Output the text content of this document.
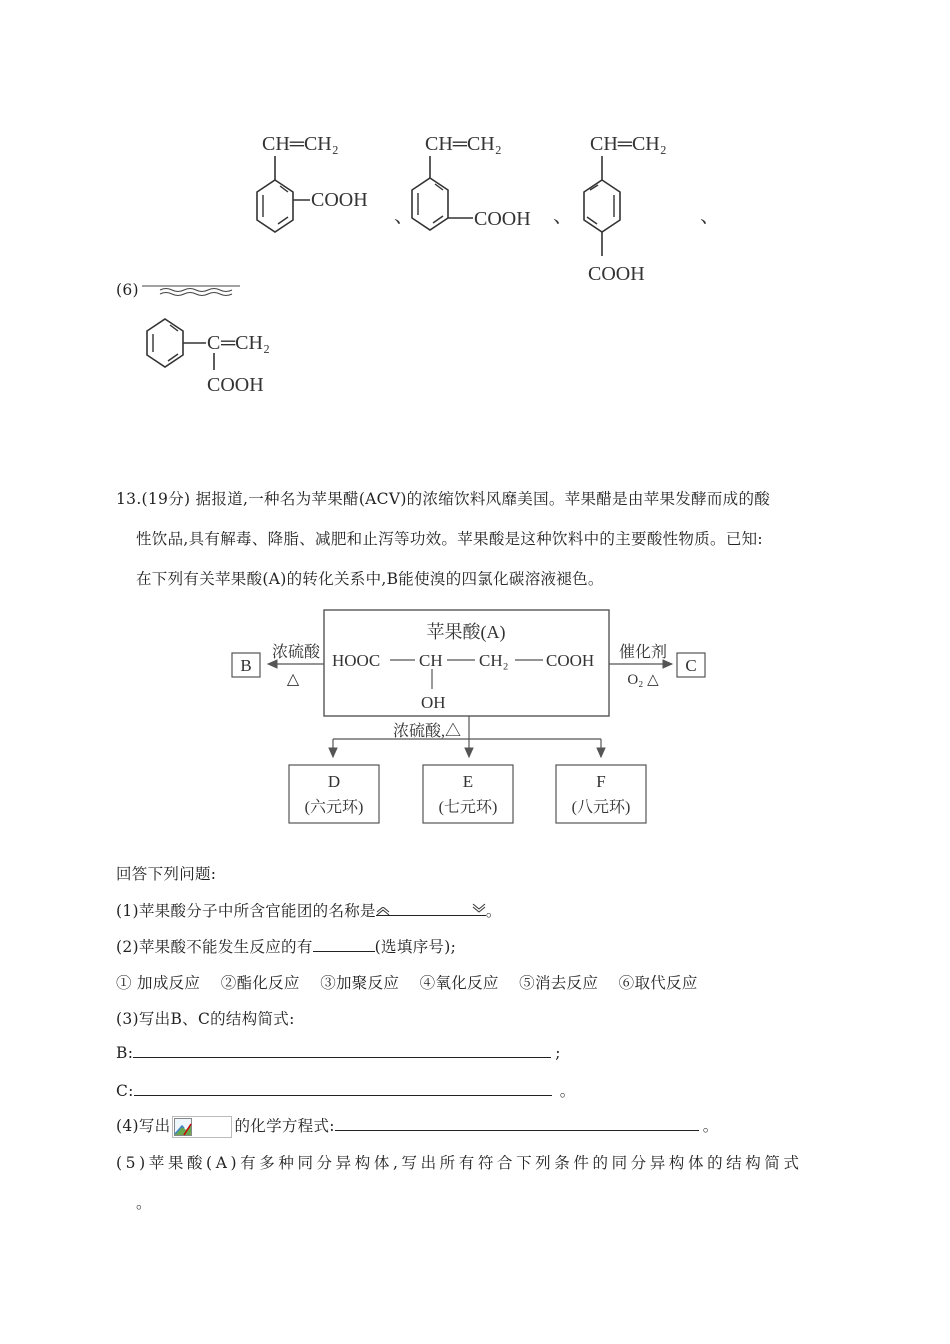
CH═CH₂
COOH
、
CH═CH₂
COOH 、
CH═CH₂
COOH
、
(6)
C ═CH₂
COOH
13.(19分) 据报道,一种名为苹果醋(ACV)的浓缩饮料风靡美国。苹果醋是由苹果发酵而成的酸
性饮品,具有解毒、降脂、减肥和止泻等功效。苹果酸是这种饮料中的主要酸性物质。已知:
在下列有关苹果酸(A)的转化关系中,B能使溴的四氯化碳溶液褪色。
苹果酸(A)
HOOC CH CH₂ COOH
OH
浓硫酸
△
B
催化剂
O₂ △
C
浓硫酸,△
D
(六元环)
E
(七元环)
F
(八元环)
回答下列问题:
(1)苹果酸分子中所含官能团的名称是	。
(2)苹果酸不能发生反应的有	(选填序号);
① 加成反应 ②酯化反应 ③加聚反应 ④氧化反应 ⑤消去反应 ⑥取代反应
(3)写出B、C的结构简式:
B:	;
C:	。
(4)写出	的化学方程式:	。
(5)苹果酸(A)有多种同分异构体,写出所有符合下列条件的同分异构体的结构简式
。
